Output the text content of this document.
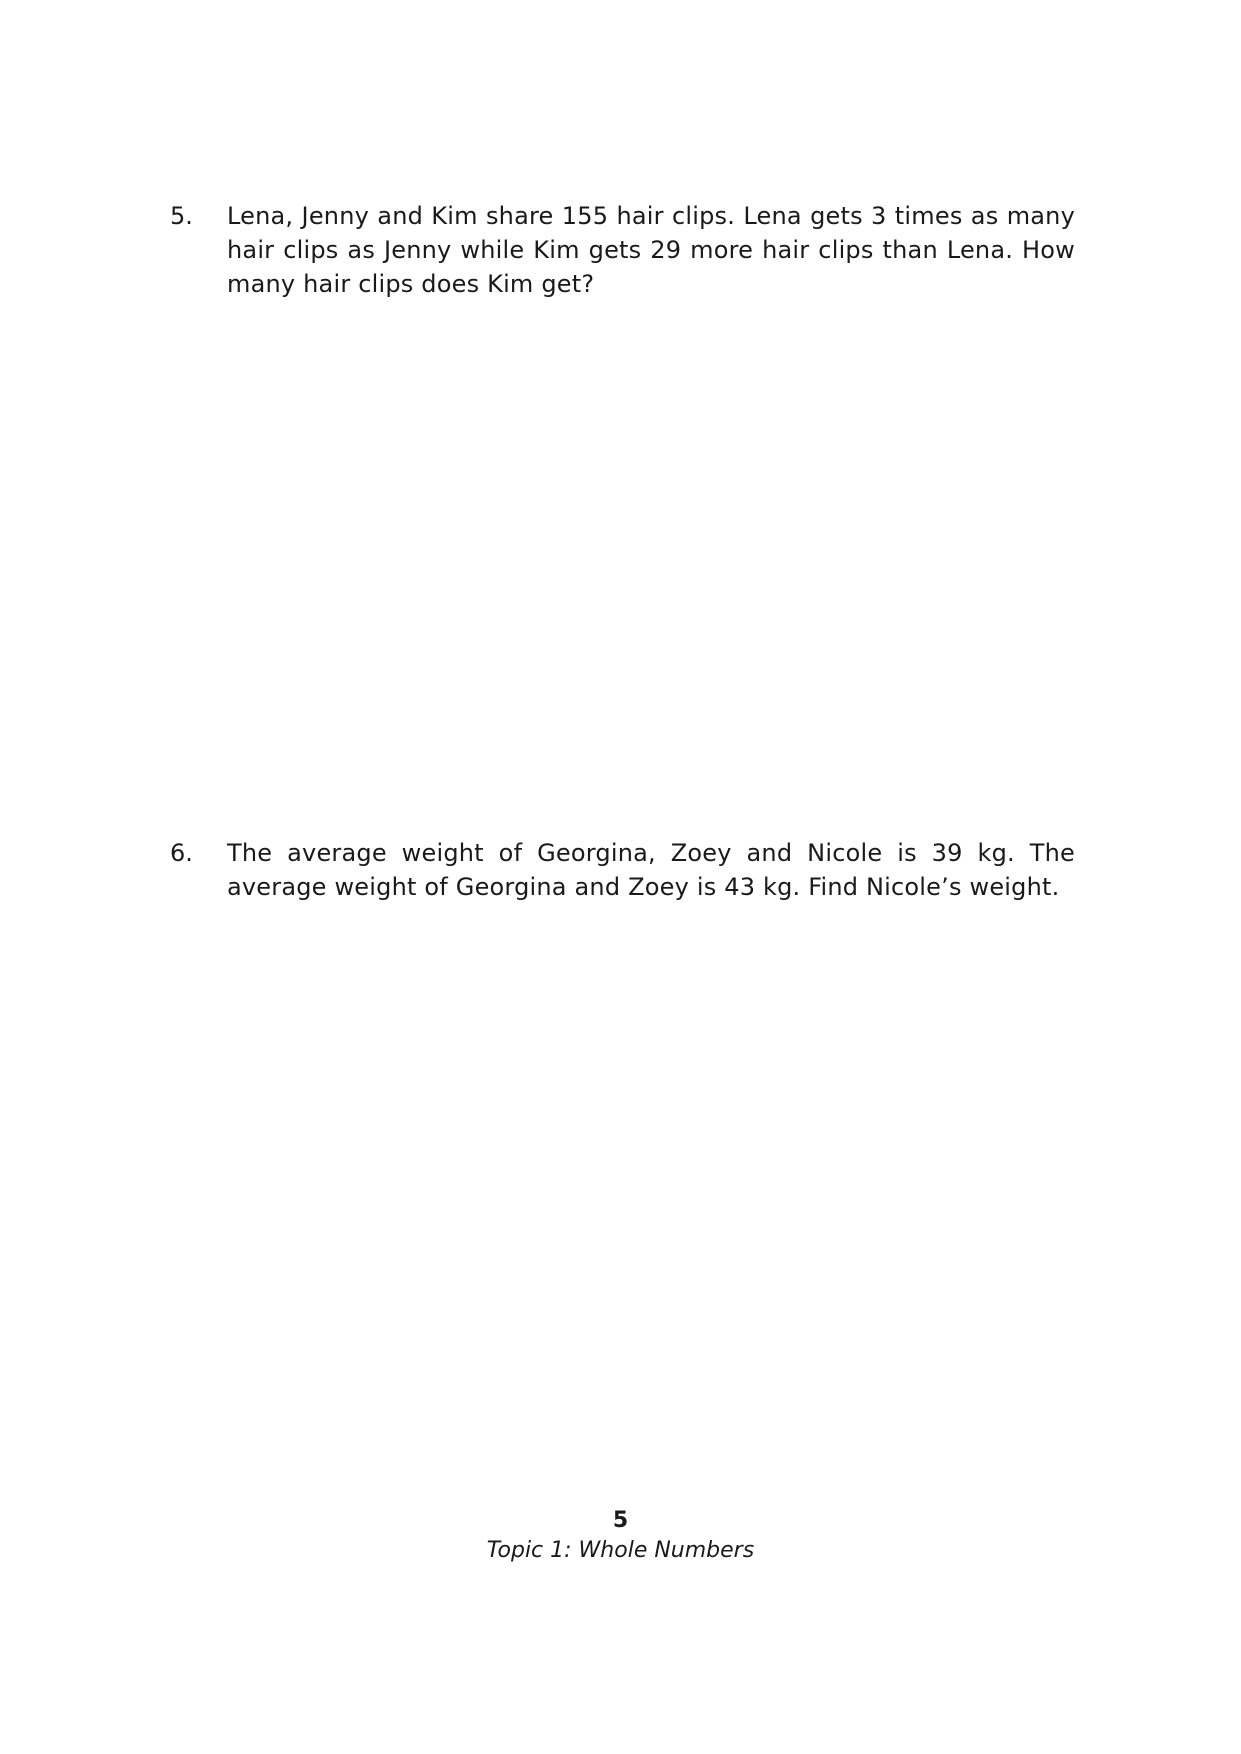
5.	Lena, Jenny and Kim share 155 hair clips. Lena gets 3 times as many hair clips as Jenny while Kim gets 29 more hair clips than Lena. How many hair clips does Kim get?
6.	The average weight of Georgina, Zoey and Nicole is 39 kg. The average weight of Georgina and Zoey is 43 kg. Find Nicole’s weight.
5
Topic 1: Whole Numbers
